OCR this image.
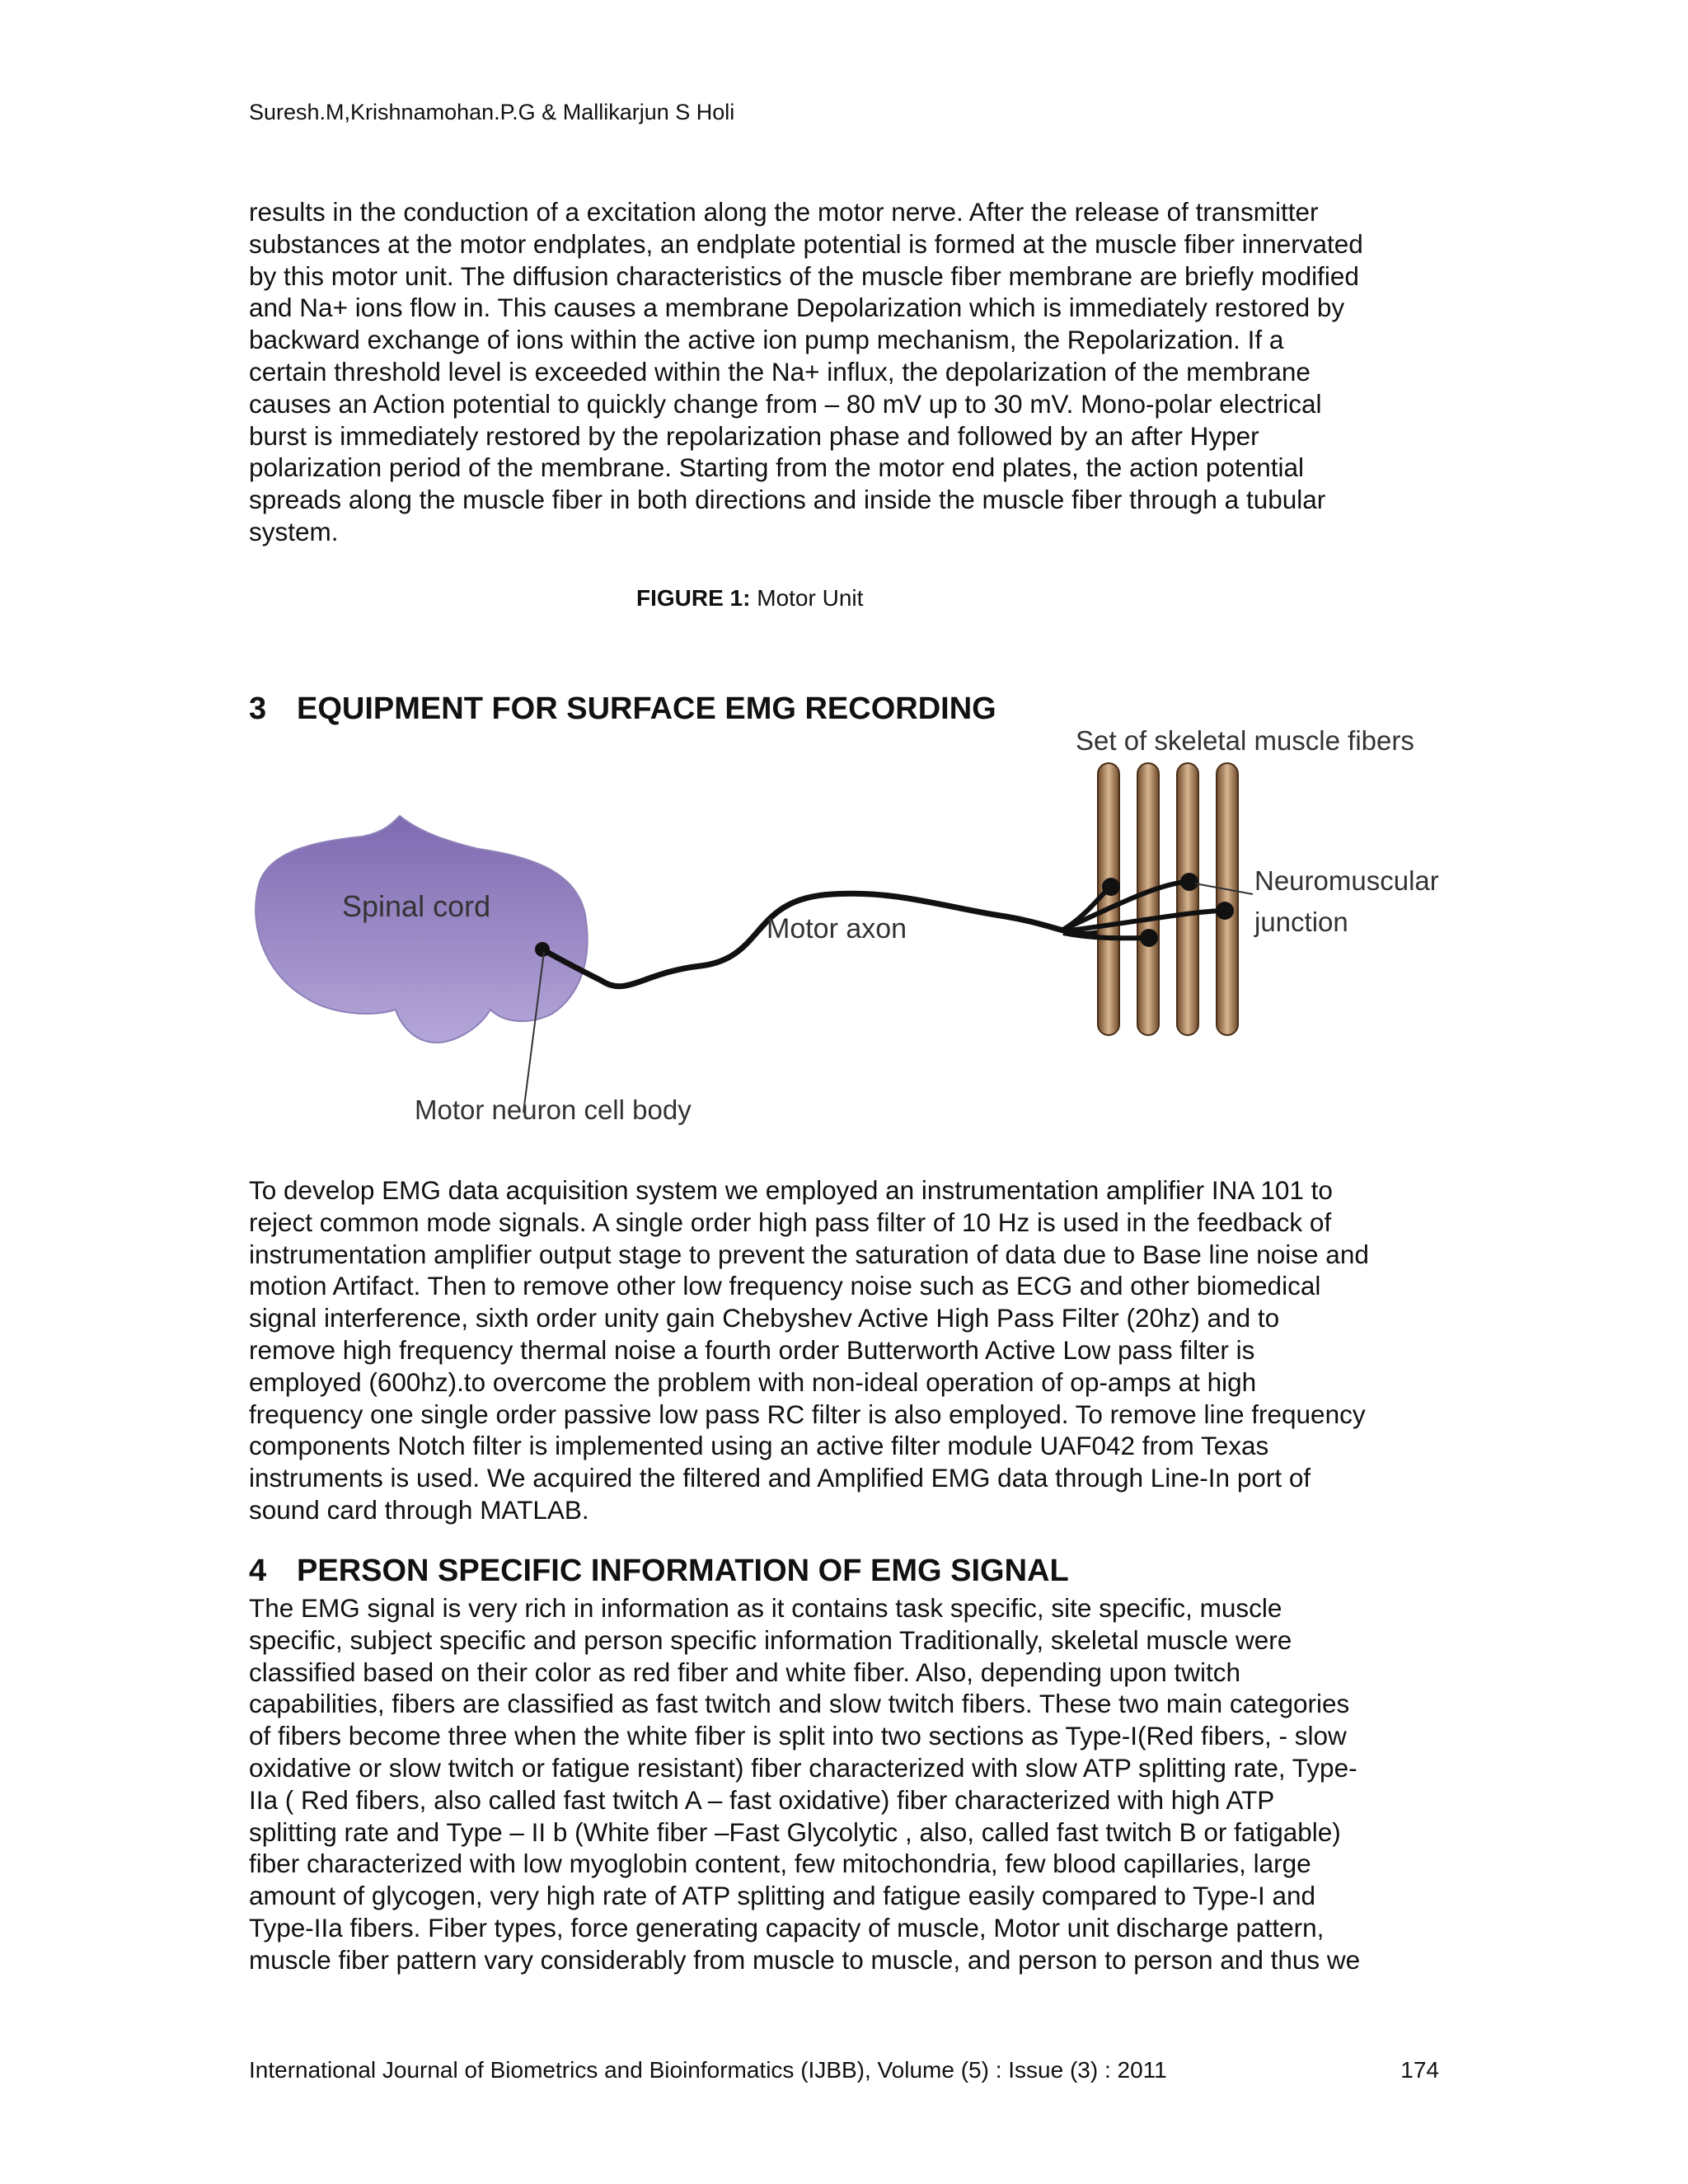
Suresh.M,Krishnamohan.P.G & Mallikarjun S Holi
results in the conduction of a excitation along the motor nerve. After the release of transmitter
substances at the motor endplates, an endplate potential is formed at the muscle fiber innervated
by this motor unit. The diffusion characteristics of the muscle fiber membrane are briefly modified
and Na+ ions flow in. This causes a membrane Depolarization which is immediately restored by
backward exchange of ions within the active ion pump mechanism, the Repolarization. If a
certain threshold level is exceeded within the Na+ influx, the depolarization of the membrane
causes an Action potential to quickly change from – 80 mV up to 30 mV. Mono-polar electrical
burst is immediately restored by the repolarization phase and followed by an after Hyper
polarization period of the membrane. Starting from the motor end plates, the action potential
spreads along the muscle fiber in both directions and inside the muscle fiber through a tubular
system.
FIGURE 1: Motor Unit
3 EQUIPMENT FOR SURFACE EMG RECORDING
Spinal cord
Motor axon
Set of skeletal muscle fibers
Neuromuscular
junction
Motor neuron cell body
To develop EMG data acquisition system we employed an instrumentation amplifier INA 101 to
reject common mode signals. A single order high pass filter of 10 Hz is used in the feedback of
instrumentation amplifier output stage to prevent the saturation of data due to Base line noise and
motion Artifact. Then to remove other low frequency noise such as ECG and other biomedical
signal interference, sixth order unity gain Chebyshev Active High Pass Filter (20hz) and to
remove high frequency thermal noise a fourth order Butterworth Active Low pass filter is
employed (600hz).to overcome the problem with non-ideal operation of op-amps at high
frequency one single order passive low pass RC filter is also employed. To remove line frequency
components Notch filter is implemented using an active filter module UAF042 from Texas
instruments is used. We acquired the filtered and Amplified EMG data through Line-In port of
sound card through MATLAB.
4 PERSON SPECIFIC INFORMATION OF EMG SIGNAL
The EMG signal is very rich in information as it contains task specific, site specific, muscle
specific, subject specific and person specific information Traditionally, skeletal muscle were
classified based on their color as red fiber and white fiber. Also, depending upon twitch
capabilities, fibers are classified as fast twitch and slow twitch fibers. These two main categories
of fibers become three when the white fiber is split into two sections as Type-I(Red fibers, - slow
oxidative or slow twitch or fatigue resistant) fiber characterized with slow ATP splitting rate, Type-
IIa ( Red fibers, also called fast twitch A – fast oxidative) fiber characterized with high ATP
splitting rate and Type – II b (White fiber –Fast Glycolytic , also, called fast twitch B or fatigable)
fiber characterized with low myoglobin content, few mitochondria, few blood capillaries, large
amount of glycogen, very high rate of ATP splitting and fatigue easily compared to Type-I and
Type-IIa fibers. Fiber types, force generating capacity of muscle, Motor unit discharge pattern,
muscle fiber pattern vary considerably from muscle to muscle, and person to person and thus we
International Journal of Biometrics and Bioinformatics (IJBB), Volume (5) : Issue (3) : 2011	174
